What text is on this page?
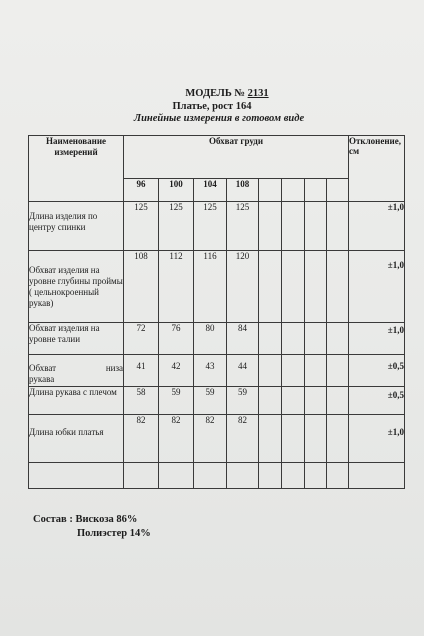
МОДЕЛЬ № 2131
Платье, рост 164
Линейные измерения в готовом виде
Наименование измерений	Обхват груди								Отклонение, см
	96	100	104	108					
Длина изделия по центру спинки	125	125	125	125					±1,0
Обхват изделия на уровне глубины проймы ( цельнокроенный рукав)	108	112	116	120					±1,0
Обхват изделия на уровне талии	72	76	80	84					±1,0

Обхват низа
рукава	41	42	43	44					±0,5
Длина рукава с плечом	58	59	59	59					±0,5
Длина юбки платья	82	82	82	82					±1,0

Состав : Вискоза 86%
Полиэстер 14%
